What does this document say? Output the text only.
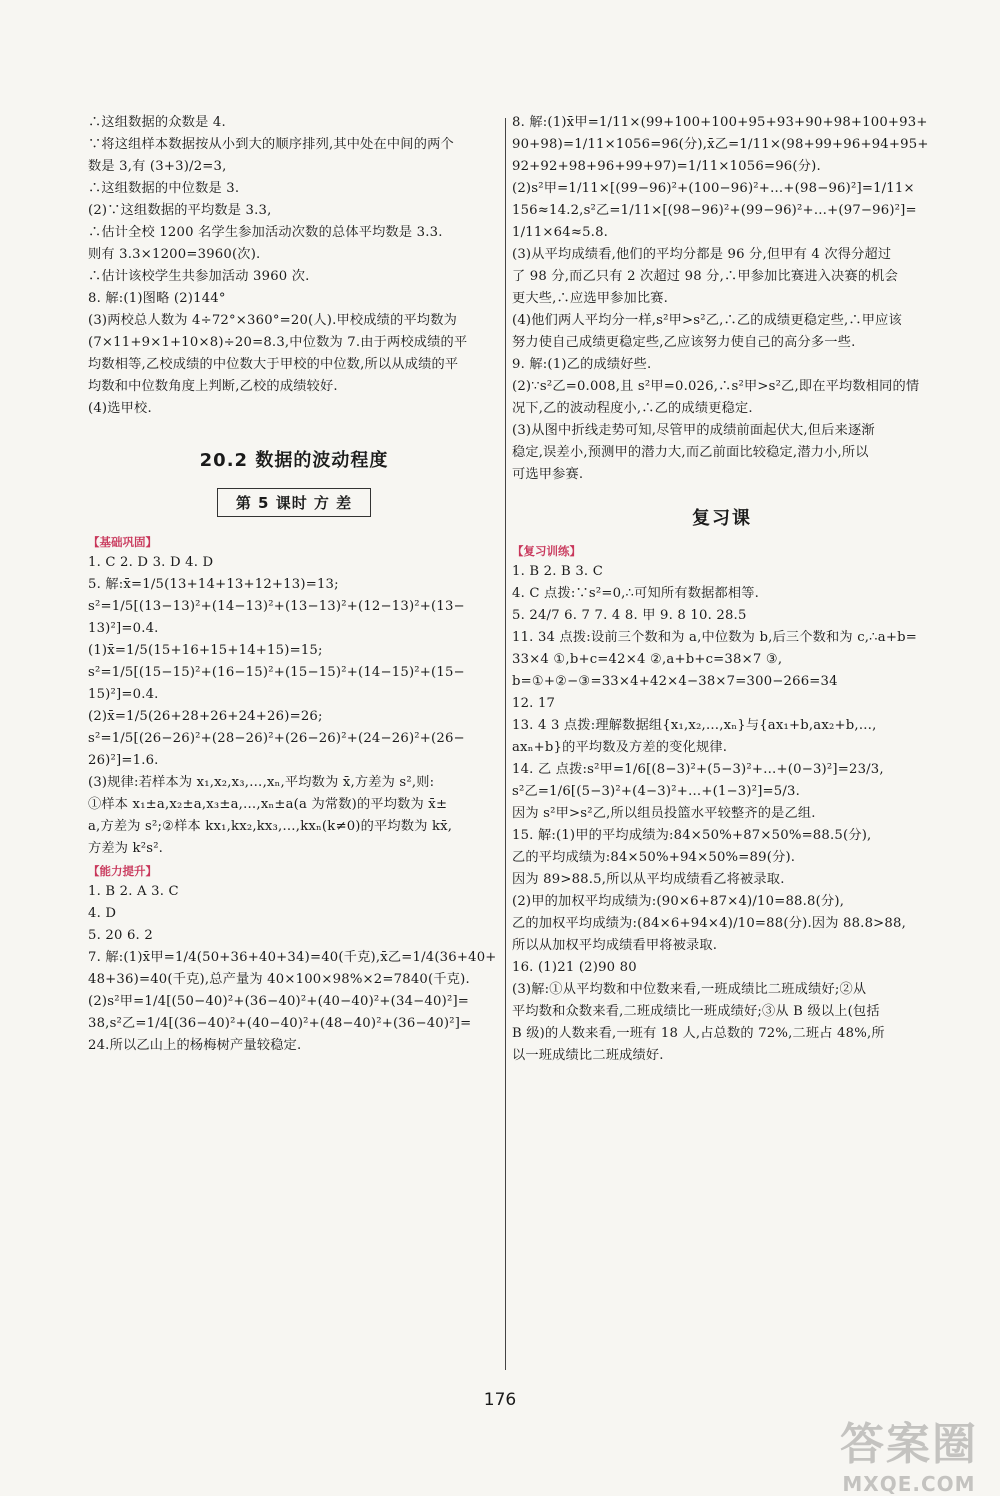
∴这组数据的众数是 4.
∵将这组样本数据按从小到大的顺序排列,其中处在中间的两个
数是 3,有 (3+3)/2=3,
∴这组数据的中位数是 3.
(2)∵这组数据的平均数是 3.3,
∴估计全校 1200 名学生参加活动次数的总体平均数是 3.3.
则有 3.3×1200=3960(次).
∴估计该校学生共参加活动 3960 次.
8. 解:(1)图略 (2)144°
(3)两校总人数为 4÷72°×360°=20(人).甲校成绩的平均数为
(7×11+9×1+10×8)÷20=8.3,中位数为 7.由于两校成绩的平
均数相等,乙校成绩的中位数大于甲校的中位数,所以从成绩的平
均数和中位数角度上判断,乙校的成绩较好.
(4)选甲校.
20.2 数据的波动程度
第 5 课时 方 差
【基础巩固】
1. C 2. D 3. D 4. D
5. 解:x̄=1/5(13+14+13+12+13)=13;
s²=1/5[(13−13)²+(14−13)²+(13−13)²+(12−13)²+(13−
13)²]=0.4.
(1)x̄=1/5(15+16+15+14+15)=15;
s²=1/5[(15−15)²+(16−15)²+(15−15)²+(14−15)²+(15−
15)²]=0.4.
(2)x̄=1/5(26+28+26+24+26)=26;
s²=1/5[(26−26)²+(28−26)²+(26−26)²+(24−26)²+(26−
26)²]=1.6.
(3)规律:若样本为 x₁,x₂,x₃,…,xₙ,平均数为 x̄,方差为 s²,则:
①样本 x₁±a,x₂±a,x₃±a,…,xₙ±a(a 为常数)的平均数为 x̄±
a,方差为 s²;②样本 kx₁,kx₂,kx₃,…,kxₙ(k≠0)的平均数为 kx̄,
方差为 k²s².
【能力提升】
1. B 2. A 3. C
4. D
5. 20 6. 2
7. 解:(1)x̄甲=1/4(50+36+40+34)=40(千克),x̄乙=1/4(36+40+
48+36)=40(千克),总产量为 40×100×98%×2=7840(千克).
(2)s²甲=1/4[(50−40)²+(36−40)²+(40−40)²+(34−40)²]=
38,s²乙=1/4[(36−40)²+(40−40)²+(48−40)²+(36−40)²]=
24.所以乙山上的杨梅树产量较稳定.
8. 解:(1)x̄甲=1/11×(99+100+100+95+93+90+98+100+93+
90+98)=1/11×1056=96(分),x̄乙=1/11×(98+99+96+94+95+
92+92+98+96+99+97)=1/11×1056=96(分).
(2)s²甲=1/11×[(99−96)²+(100−96)²+…+(98−96)²]=1/11×
156≈14.2,s²乙=1/11×[(98−96)²+(99−96)²+…+(97−96)²]=
1/11×64≈5.8.
(3)从平均成绩看,他们的平均分都是 96 分,但甲有 4 次得分超过
了 98 分,而乙只有 2 次超过 98 分,∴甲参加比赛进入决赛的机会
更大些,∴应选甲参加比赛.
(4)他们两人平均分一样,s²甲>s²乙,∴乙的成绩更稳定些,∴甲应该
努力使自己成绩更稳定些,乙应该努力使自己的高分多一些.
9. 解:(1)乙的成绩好些.
(2)∵s²乙=0.008,且 s²甲=0.026,∴s²甲>s²乙,即在平均数相同的情
况下,乙的波动程度小,∴乙的成绩更稳定.
(3)从图中折线走势可知,尽管甲的成绩前面起伏大,但后来逐渐
稳定,误差小,预测甲的潜力大,而乙前面比较稳定,潜力小,所以
可选甲参赛.
复习课
【复习训练】
1. B 2. B 3. C
4. C 点拨:∵s²=0,∴可知所有数据都相等.
5. 24/7 6. 7 7. 4 8. 甲 9. 8 10. 28.5
11. 34 点拨:设前三个数和为 a,中位数为 b,后三个数和为 c,∴a+b=
33×4 ①,b+c=42×4 ②,a+b+c=38×7 ③,
b=①+②−③=33×4+42×4−38×7=300−266=34
12. 17
13. 4 3 点拨:理解数据组{x₁,x₂,…,xₙ}与{ax₁+b,ax₂+b,…,
axₙ+b}的平均数及方差的变化规律.
14. 乙 点拨:s²甲=1/6[(8−3)²+(5−3)²+…+(0−3)²]=23/3,
s²乙=1/6[(5−3)²+(4−3)²+…+(1−3)²]=5/3.
因为 s²甲>s²乙,所以组员投篮水平较整齐的是乙组.
15. 解:(1)甲的平均成绩为:84×50%+87×50%=88.5(分),
乙的平均成绩为:84×50%+94×50%=89(分).
因为 89>88.5,所以从平均成绩看乙将被录取.
(2)甲的加权平均成绩为:(90×6+87×4)/10=88.8(分),
乙的加权平均成绩为:(84×6+94×4)/10=88(分).因为 88.8>88,
所以从加权平均成绩看甲将被录取.
16. (1)21 (2)90 80
(3)解:①从平均数和中位数来看,一班成绩比二班成绩好;②从
平均数和众数来看,二班成绩比一班成绩好;③从 B 级以上(包括
B 级)的人数来看,一班有 18 人,占总数的 72%,二班占 48%,所
以一班成绩比二班成绩好.
176
答案圈
MXQE.COM
